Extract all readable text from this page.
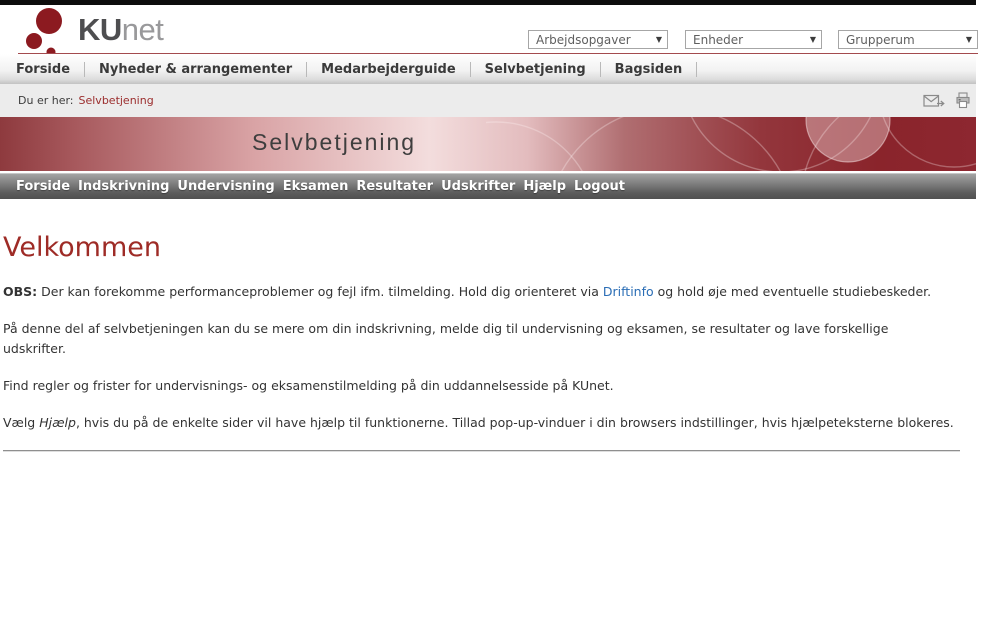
KUnet	Arbejdsopgaver	▼	Enheder	▼	Grupperum	▼
Forside Nyheder & arrangementer Medarbejderguide Selvbetjening Bagsiden
Du er her: Selvbetjening
Selvbetjening
Forside Indskrivning Undervisning Eksamen Resultater Udskrifter Hjælp Logout
Velkommen

OBS: Der kan forekomme performanceproblemer og fejl ifm. tilmelding. Hold dig orienteret via Driftinfo og hold øje med eventuelle studiebeskeder.

På denne del af selvbetjeningen kan du se mere om din indskrivning, melde dig til undervisning og eksamen, se resultater og lave forskellige udskrifter.

Find regler og frister for undervisnings- og eksamenstilmelding på din uddannelsesside på KUnet.

Vælg Hjælp, hvis du på de enkelte sider vil have hjælp til funktionerne. Tillad pop-up-vinduer i din browsers indstillinger, hvis hjælpeteksterne blokeres.
